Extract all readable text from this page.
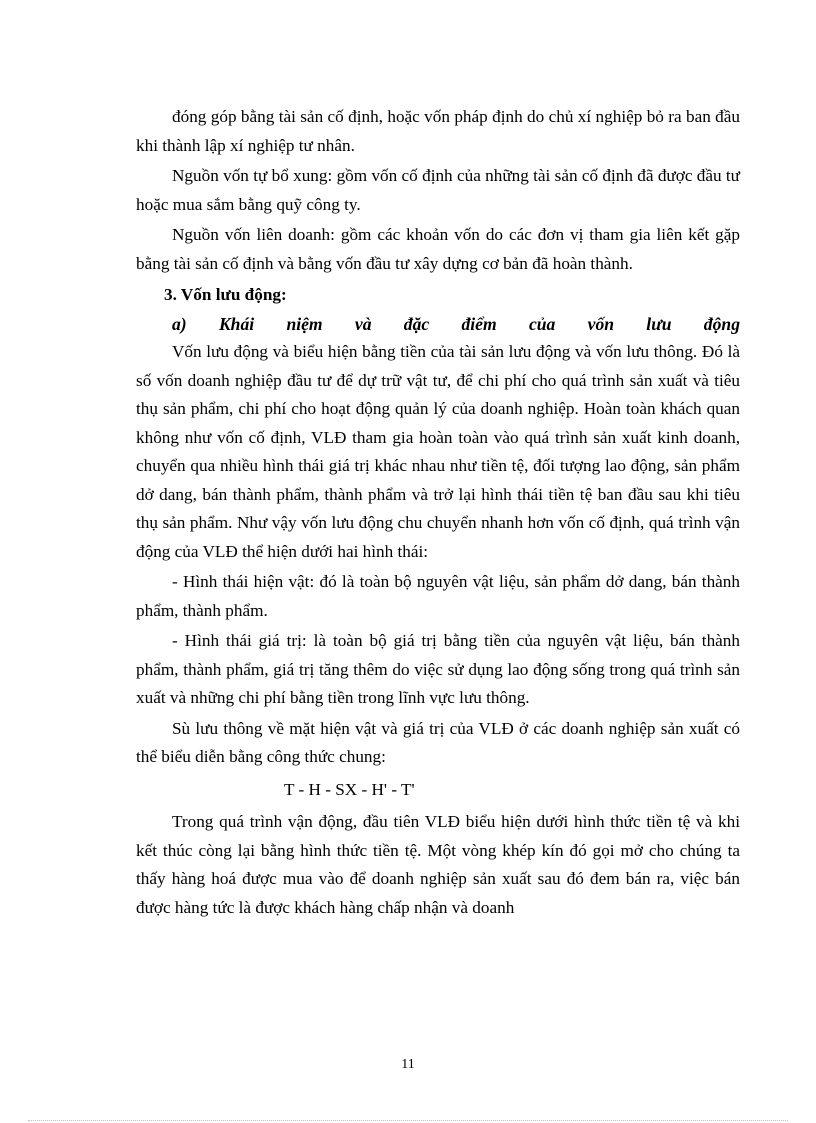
đóng góp bằng tài sản cố định, hoặc vốn pháp định do chủ xí nghiệp bỏ ra ban đầu khi thành lập xí nghiệp tư nhân.

Nguồn vốn tự bổ xung: gồm vốn cố định của những tài sản cố định đã được đầu tư hoặc mua sắm bằng quỹ công ty.

Nguồn vốn liên doanh: gồm các khoản vốn do các đơn vị tham gia liên kết gặp bằng tài sản cố định và bằng vốn đầu tư xây dựng cơ bản đã hoàn thành.

3. Vốn lưu động:

a) Khái niệm và đặc điểm của vốn lưu động

Vốn lưu động và biểu hiện bằng tiền của tài sản lưu động và vốn lưu thông. Đó là số vốn doanh nghiệp đầu tư để dự trữ vật tư, để chi phí cho quá trình sản xuất và tiêu thụ sản phẩm, chi phí cho hoạt động quản lý của doanh nghiệp. Hoàn toàn khách quan không như vốn cố định, VLĐ tham gia hoàn toàn vào quá trình sản xuất kinh doanh, chuyển qua nhiều hình thái giá trị khác nhau như tiền tệ, đối tượng lao động, sản phẩm dở dang, bán thành phẩm, thành phẩm và trở lại hình thái tiền tệ ban đầu sau khi tiêu thụ sản phẩm. Như vậy vốn lưu động chu chuyển nhanh hơn vốn cố định, quá trình vận động của VLĐ thể hiện dưới hai hình thái:

- Hình thái hiện vật: đó là toàn bộ nguyên vật liệu, sản phẩm dở dang, bán thành phẩm, thành phẩm.

- Hình thái giá trị: là toàn bộ giá trị bằng tiền của nguyên vật liệu, bán thành phẩm, thành phẩm, giá trị tăng thêm do việc sử dụng lao động sống trong quá trình sản xuất và những chi phí bằng tiền trong lĩnh vực lưu thông.

Sù lưu thông về mặt hiện vật và giá trị của VLĐ ở các doanh nghiệp sản xuất có thể biểu diễn bằng công thức chung:

T - H - SX - H' - T'

Trong quá trình vận động, đầu tiên VLĐ biểu hiện dưới hình thức tiền tệ và khi kết thúc còng lại bằng hình thức tiền tệ. Một vòng khép kín đó gọi mở cho chúng ta thấy hàng hoá được mua vào để doanh nghiệp sản xuất sau đó đem bán ra, việc bán được hàng tức là được khách hàng chấp nhận và doanh

11
